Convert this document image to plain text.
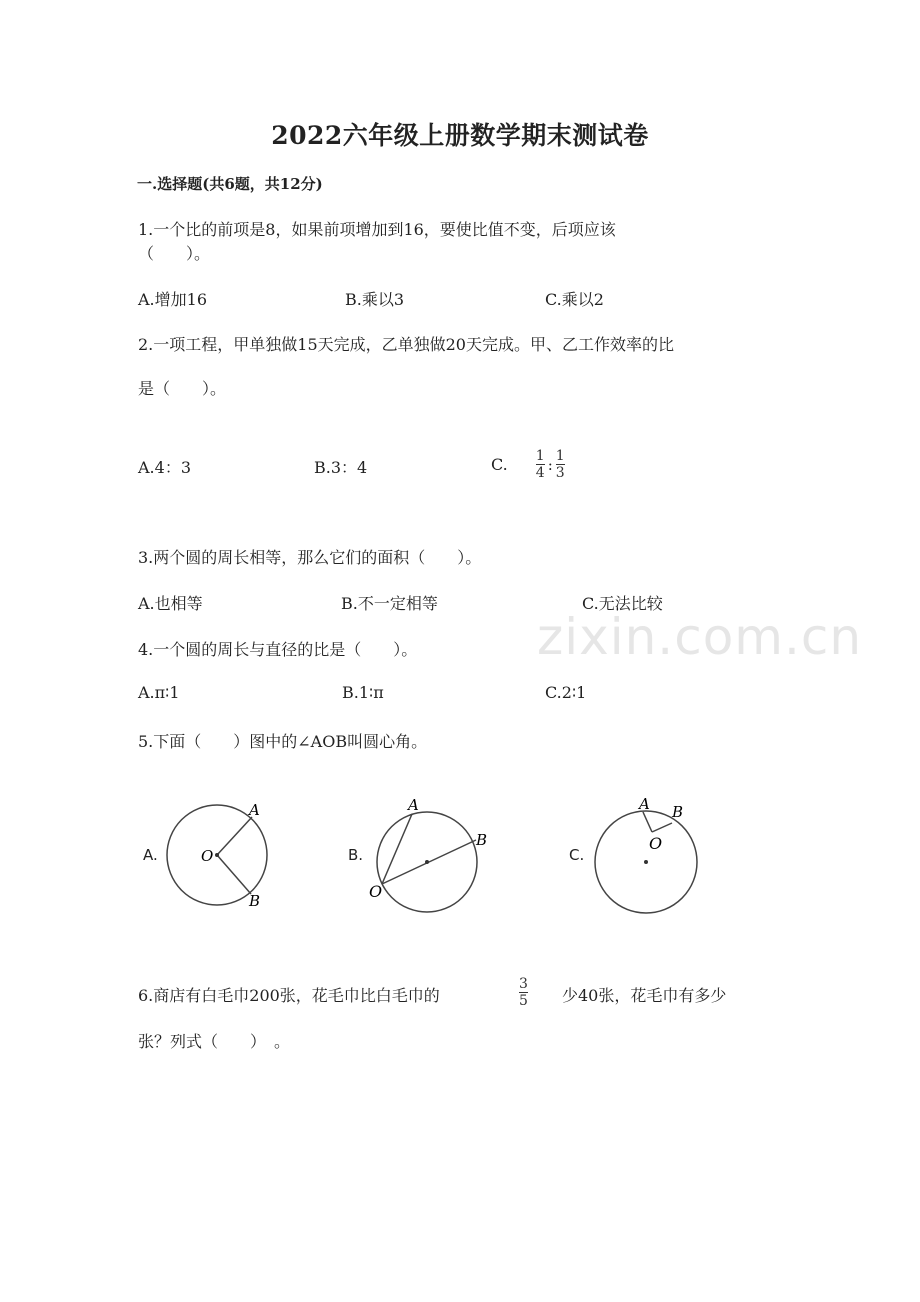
zixin.com.cn
2022六年级上册数学期末测试卷
一.选择题(共6题，共12分)
1.一个比的前项是8，如果前项增加到16，要使比值不变，后项应该
（　　）。
A.增加16	B.乘以3	C.乘以2
2.一项工程，甲单独做15天完成，乙单独做20天完成。甲、乙工作效率的比
是（　　）。
A.4：3	B.3：4	C. $\frac{1}{4}$ : $\frac{1}{3}$
3.两个圆的周长相等，那么它们的面积（　　）。
A.也相等	B.不一定相等	C.无法比较
4.一个圆的周长与直径的比是（　　）。
A.π∶1	B.1∶π	C.2∶1
5.下面（　　）图中的∠AOB叫圆心角。
A.	O
A
B
B.
O
A
B
C.
O
A B
6.商店有白毛巾200张，花毛巾比白毛巾的
3
5 少40张，花毛巾有多少
张？列式（　　）　。
